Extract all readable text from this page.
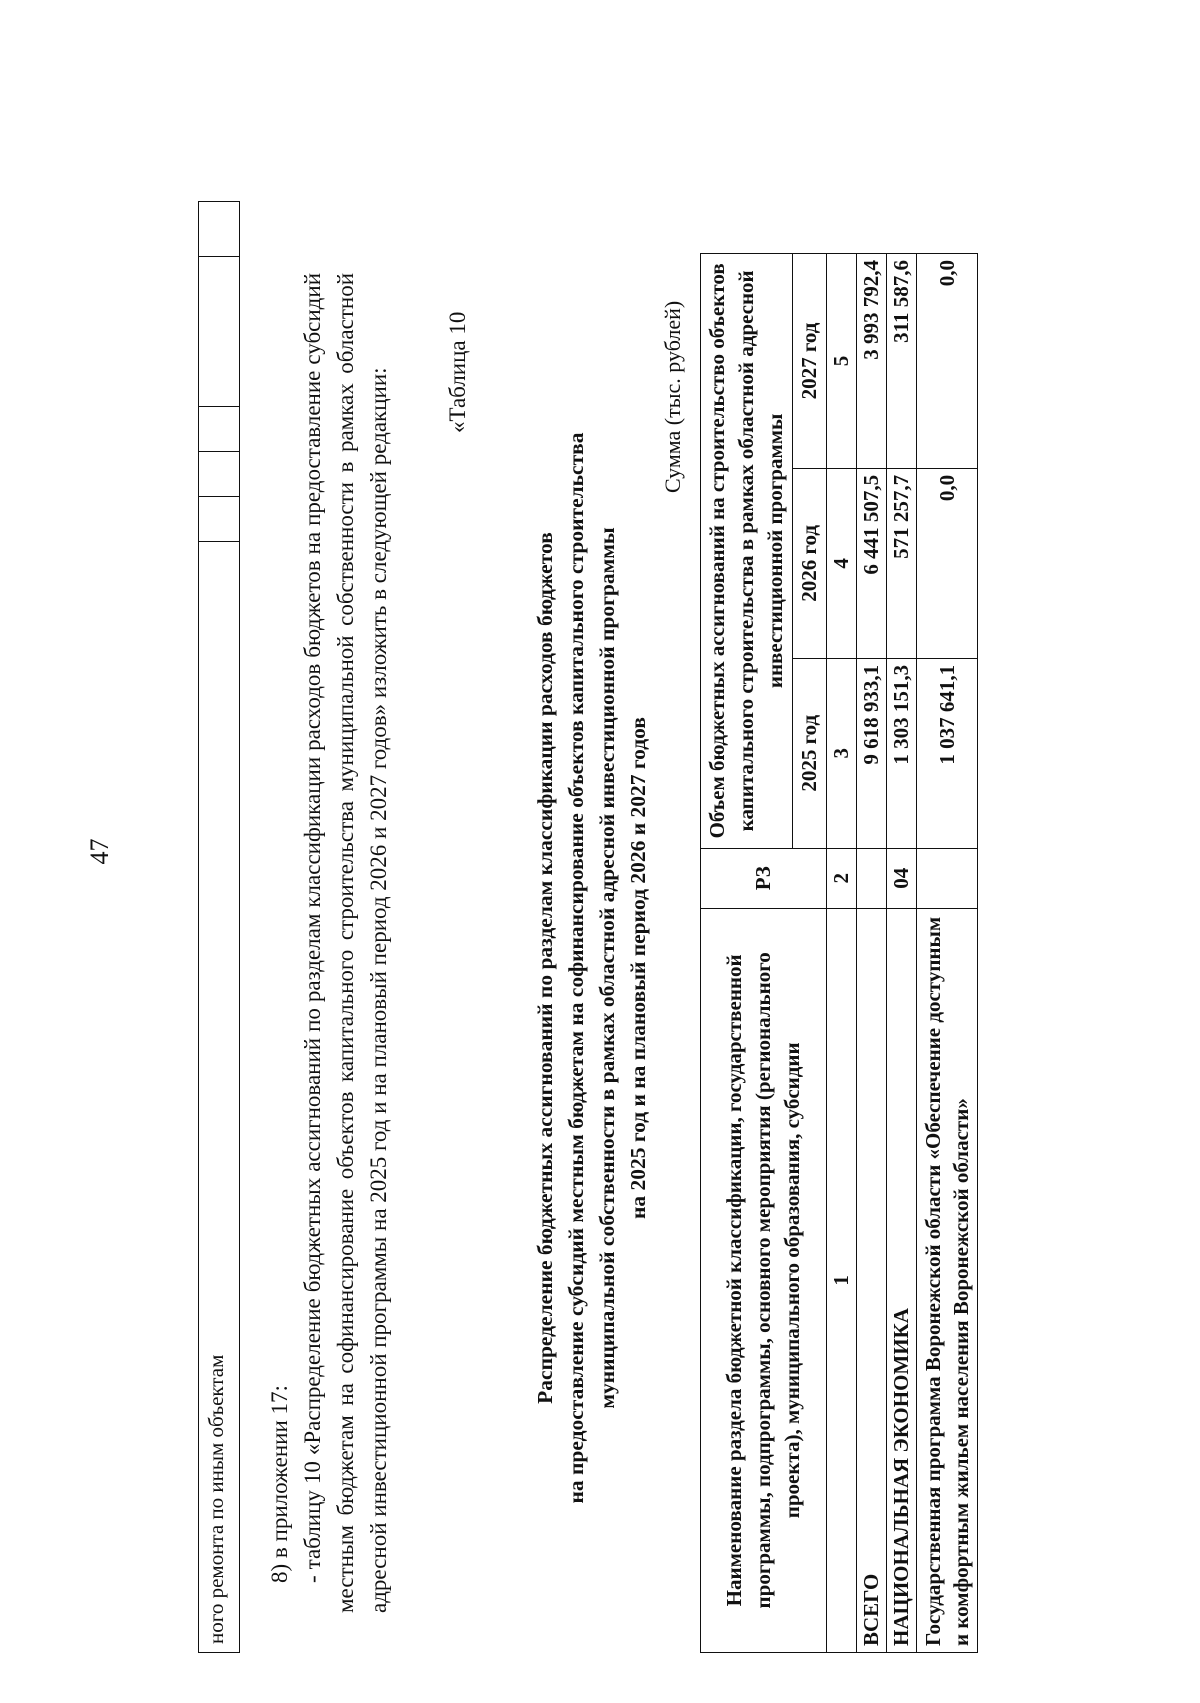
47
ного ремонта по иным объектам 8) в приложении 17: - таблицу 10 «Распределение бюджетных ассигнований по разделам классификации расходов бюджетов на предоставление субсидий местным бюджетам на софинансирование объектов капитального строительства муниципальной собственности в рамках областной адресной инвестиционной программы на 2025 год и на плановый период 2026 и 2027 годов» изложить в следующей редакции: «Таблица 10
Распределение бюджетных ассигнований по разделам классификации расходов бюджетов на предоставление субсидий местным бюджетам на софинансирование объектов капитального строительства муниципальной собственности в рамках областной адресной инвестиционной программы на 2025 год и на плановый период 2026 и 2027 годов
Сумма (тыс. рублей)
Наименование раздела бюджетной классификации, государственной программы, подпрограммы, основного мероприятия (регионального проекта), муниципального образования, субсидии	РЗ	Объем бюджетных ассигнований на строительство объектов капитального строительства в рамках областной адресной инвестиционной программы		
		2025 год	2026 год	2027 год
1	2	3	4	5
ВСЕГО		9 618 933,1	6 441 507,5	3 993 792,4
НАЦИОНАЛЬНАЯ ЭКОНОМИКА	04	1 303 151,3	571 257,7	311 587,6
Государственная программа Воронежской области «Обеспечение доступным и комфортным жильем населения Воронежской области»		1 037 641,1	0,0	0,0
